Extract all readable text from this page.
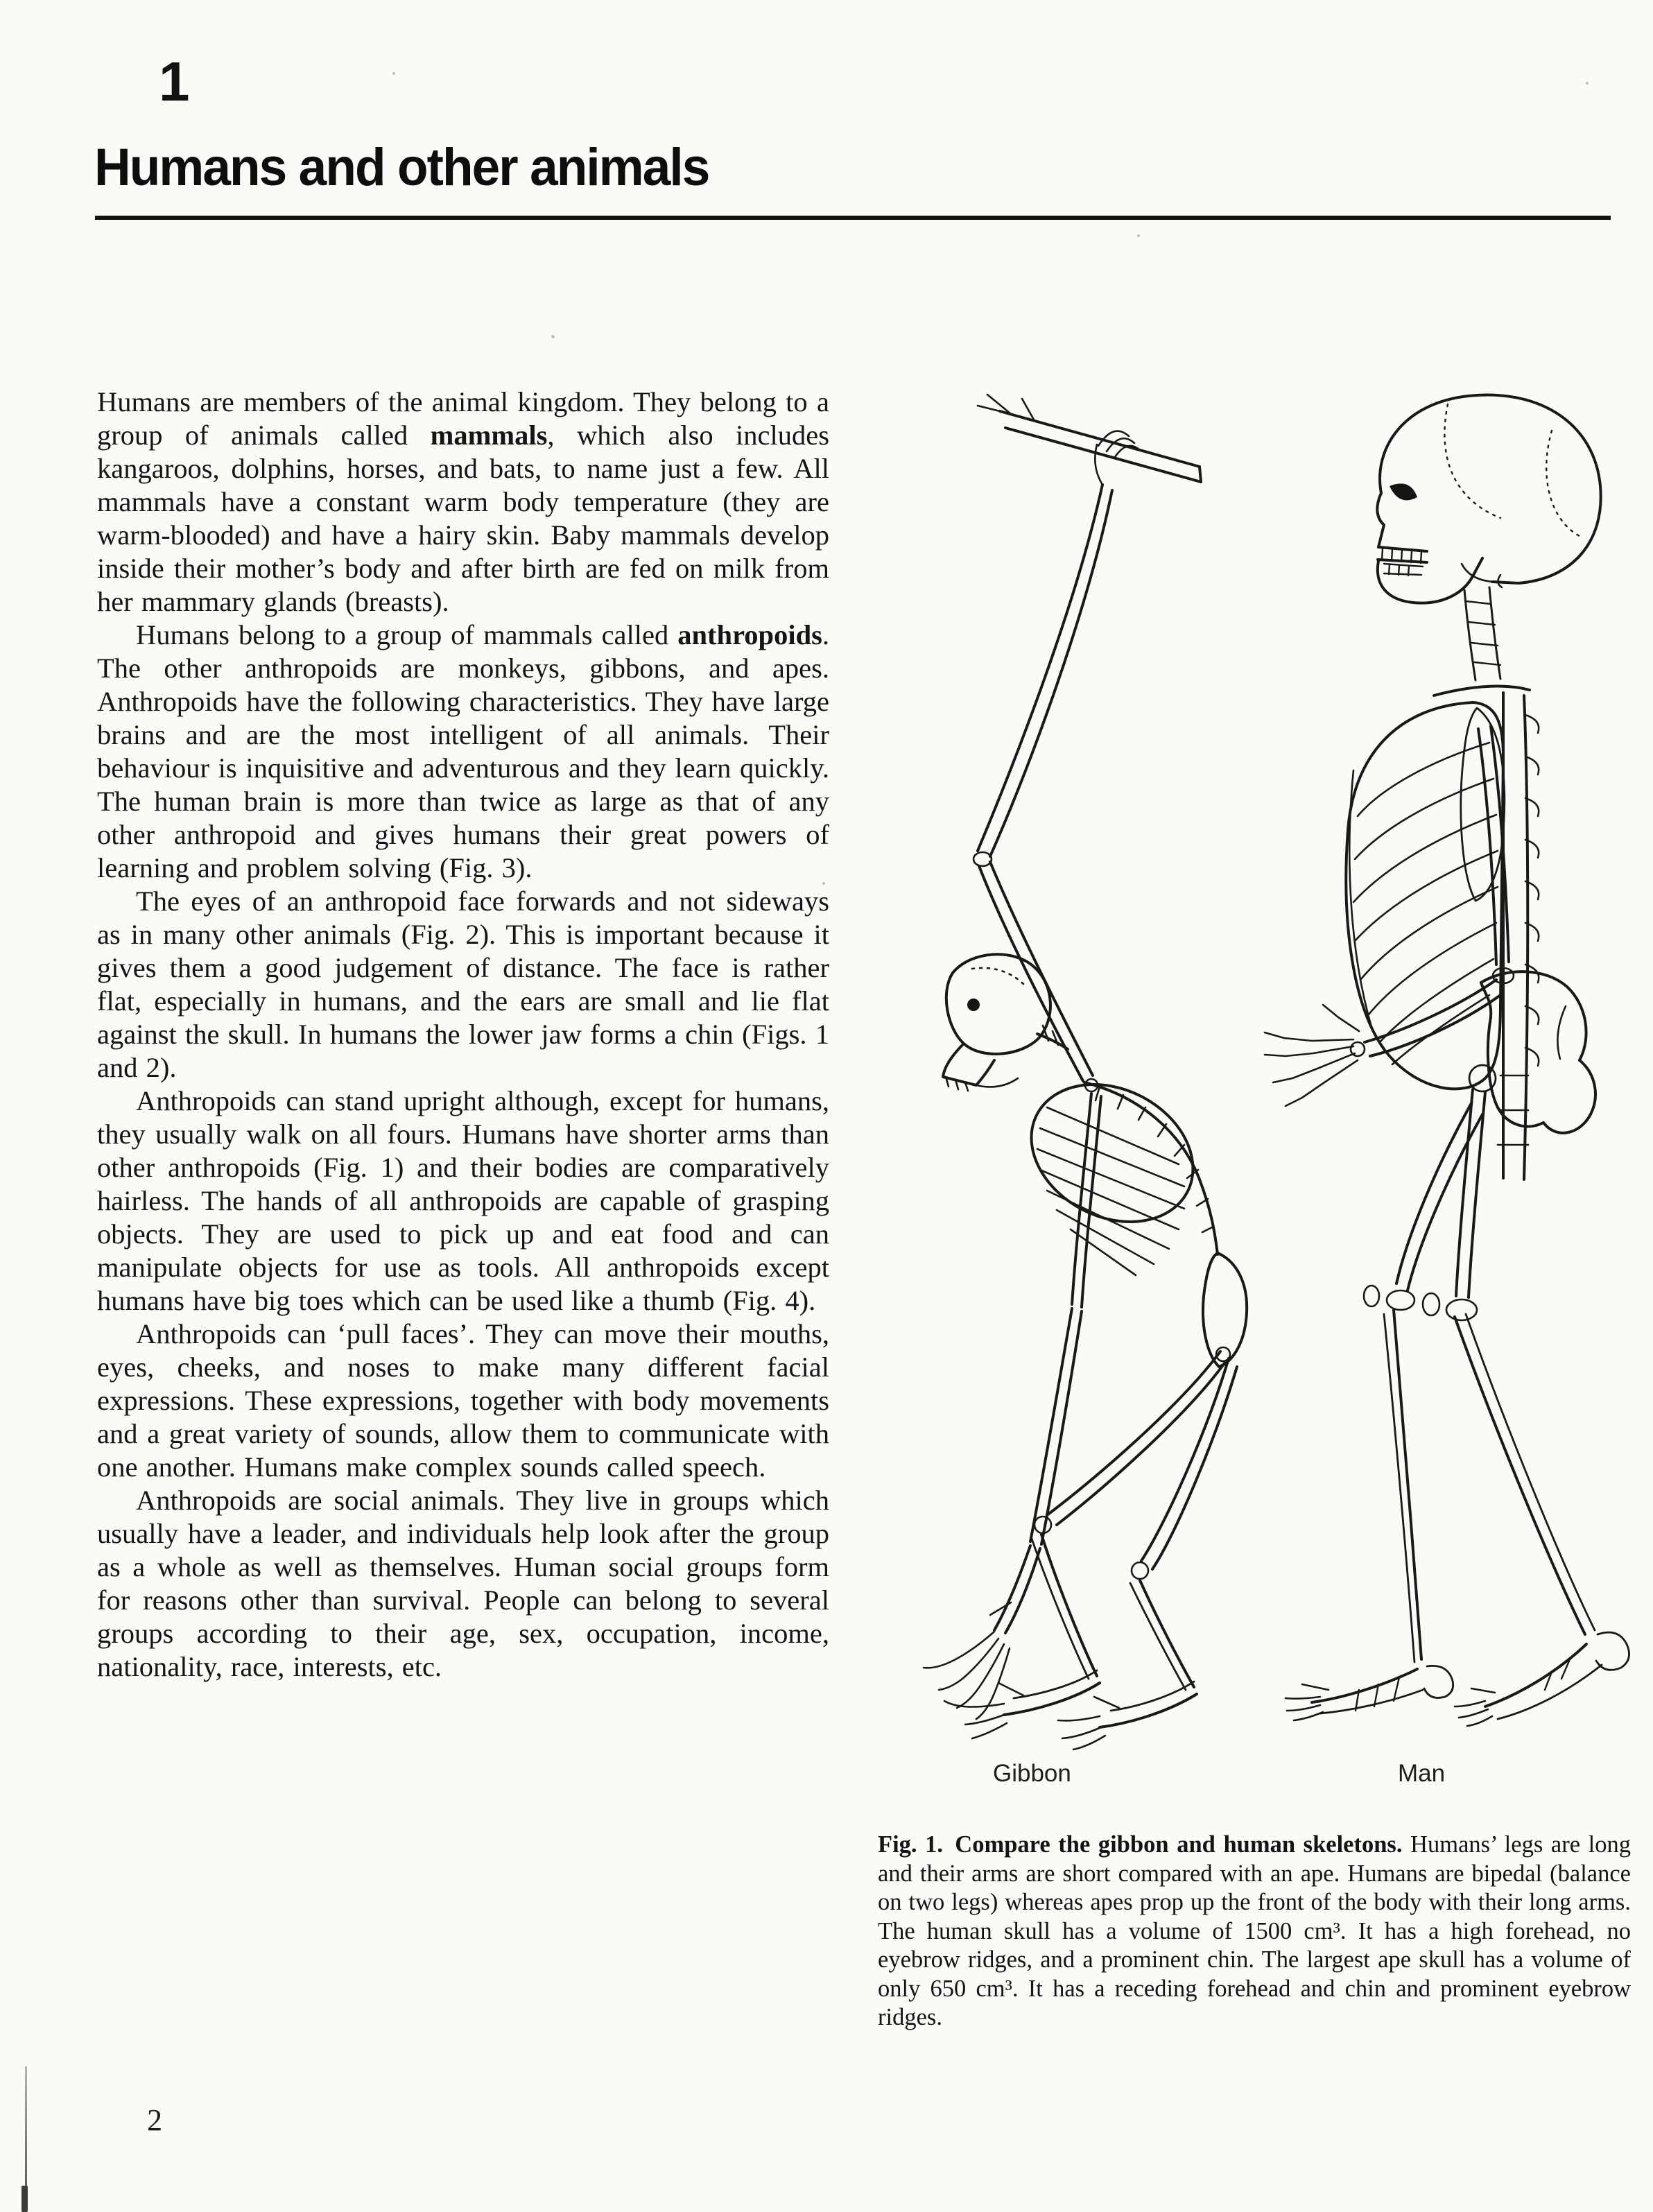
1
Humans and other animals

Humans are members of the animal kingdom. They belong to a group of animals called mammals, which also includes kangaroos, dolphins, horses, and bats, to name just a few. All mammals have a constant warm body temperature (they are warm-blooded) and have a hairy skin. Baby mammals develop inside their mother’s body and after birth are fed on milk from her mammary glands (breasts).

Humans belong to a group of mammals called anthropoids. The other anthropoids are monkeys, gibbons, and apes. Anthropoids have the following characteristics. They have large brains and are the most intelligent of all animals. Their behaviour is inquisitive and adventurous and they learn quickly. The human brain is more than twice as large as that of any other anthropoid and gives humans their great powers of learning and problem solving (Fig. 3).

The eyes of an anthropoid face forwards and not sideways as in many other animals (Fig. 2). This is important because it gives them a good judgement of distance. The face is rather flat, especially in humans, and the ears are small and lie flat against the skull. In humans the lower jaw forms a chin (Figs. 1 and 2).

Anthropoids can stand upright although, except for humans, they usually walk on all fours. Humans have shorter arms than other anthropoids (Fig. 1) and their bodies are comparatively hairless. The hands of all anthropoids are capable of grasping objects. They are used to pick up and eat food and can manipulate objects for use as tools. All anthropoids except humans have big toes which can be used like a thumb (Fig. 4).

Anthropoids can ‘pull faces’. They can move their mouths, eyes, cheeks, and noses to make many different facial expressions. These expressions, together with body movements and a great variety of sounds, allow them to communicate with one another. Humans make complex sounds called speech.

Anthropoids are social animals. They live in groups which usually have a leader, and individuals help look after the group as a whole as well as themselves. Human social groups form for reasons other than survival. People can belong to several groups according to their age, sex, occupation, income, nationality, race, interests, etc.

Gibbon	Man
Fig. 1. Compare the gibbon and human skeletons. Humans’ legs are long and their arms are short compared with an ape. Humans are bipedal (balance on two legs) whereas apes prop up the front of the body with their long arms. The human skull has a volume of 1500 cm³. It has a high forehead, no eyebrow ridges, and a prominent chin. The largest ape skull has a volume of only 650 cm³. It has a receding forehead and chin and prominent eyebrow ridges.
2
